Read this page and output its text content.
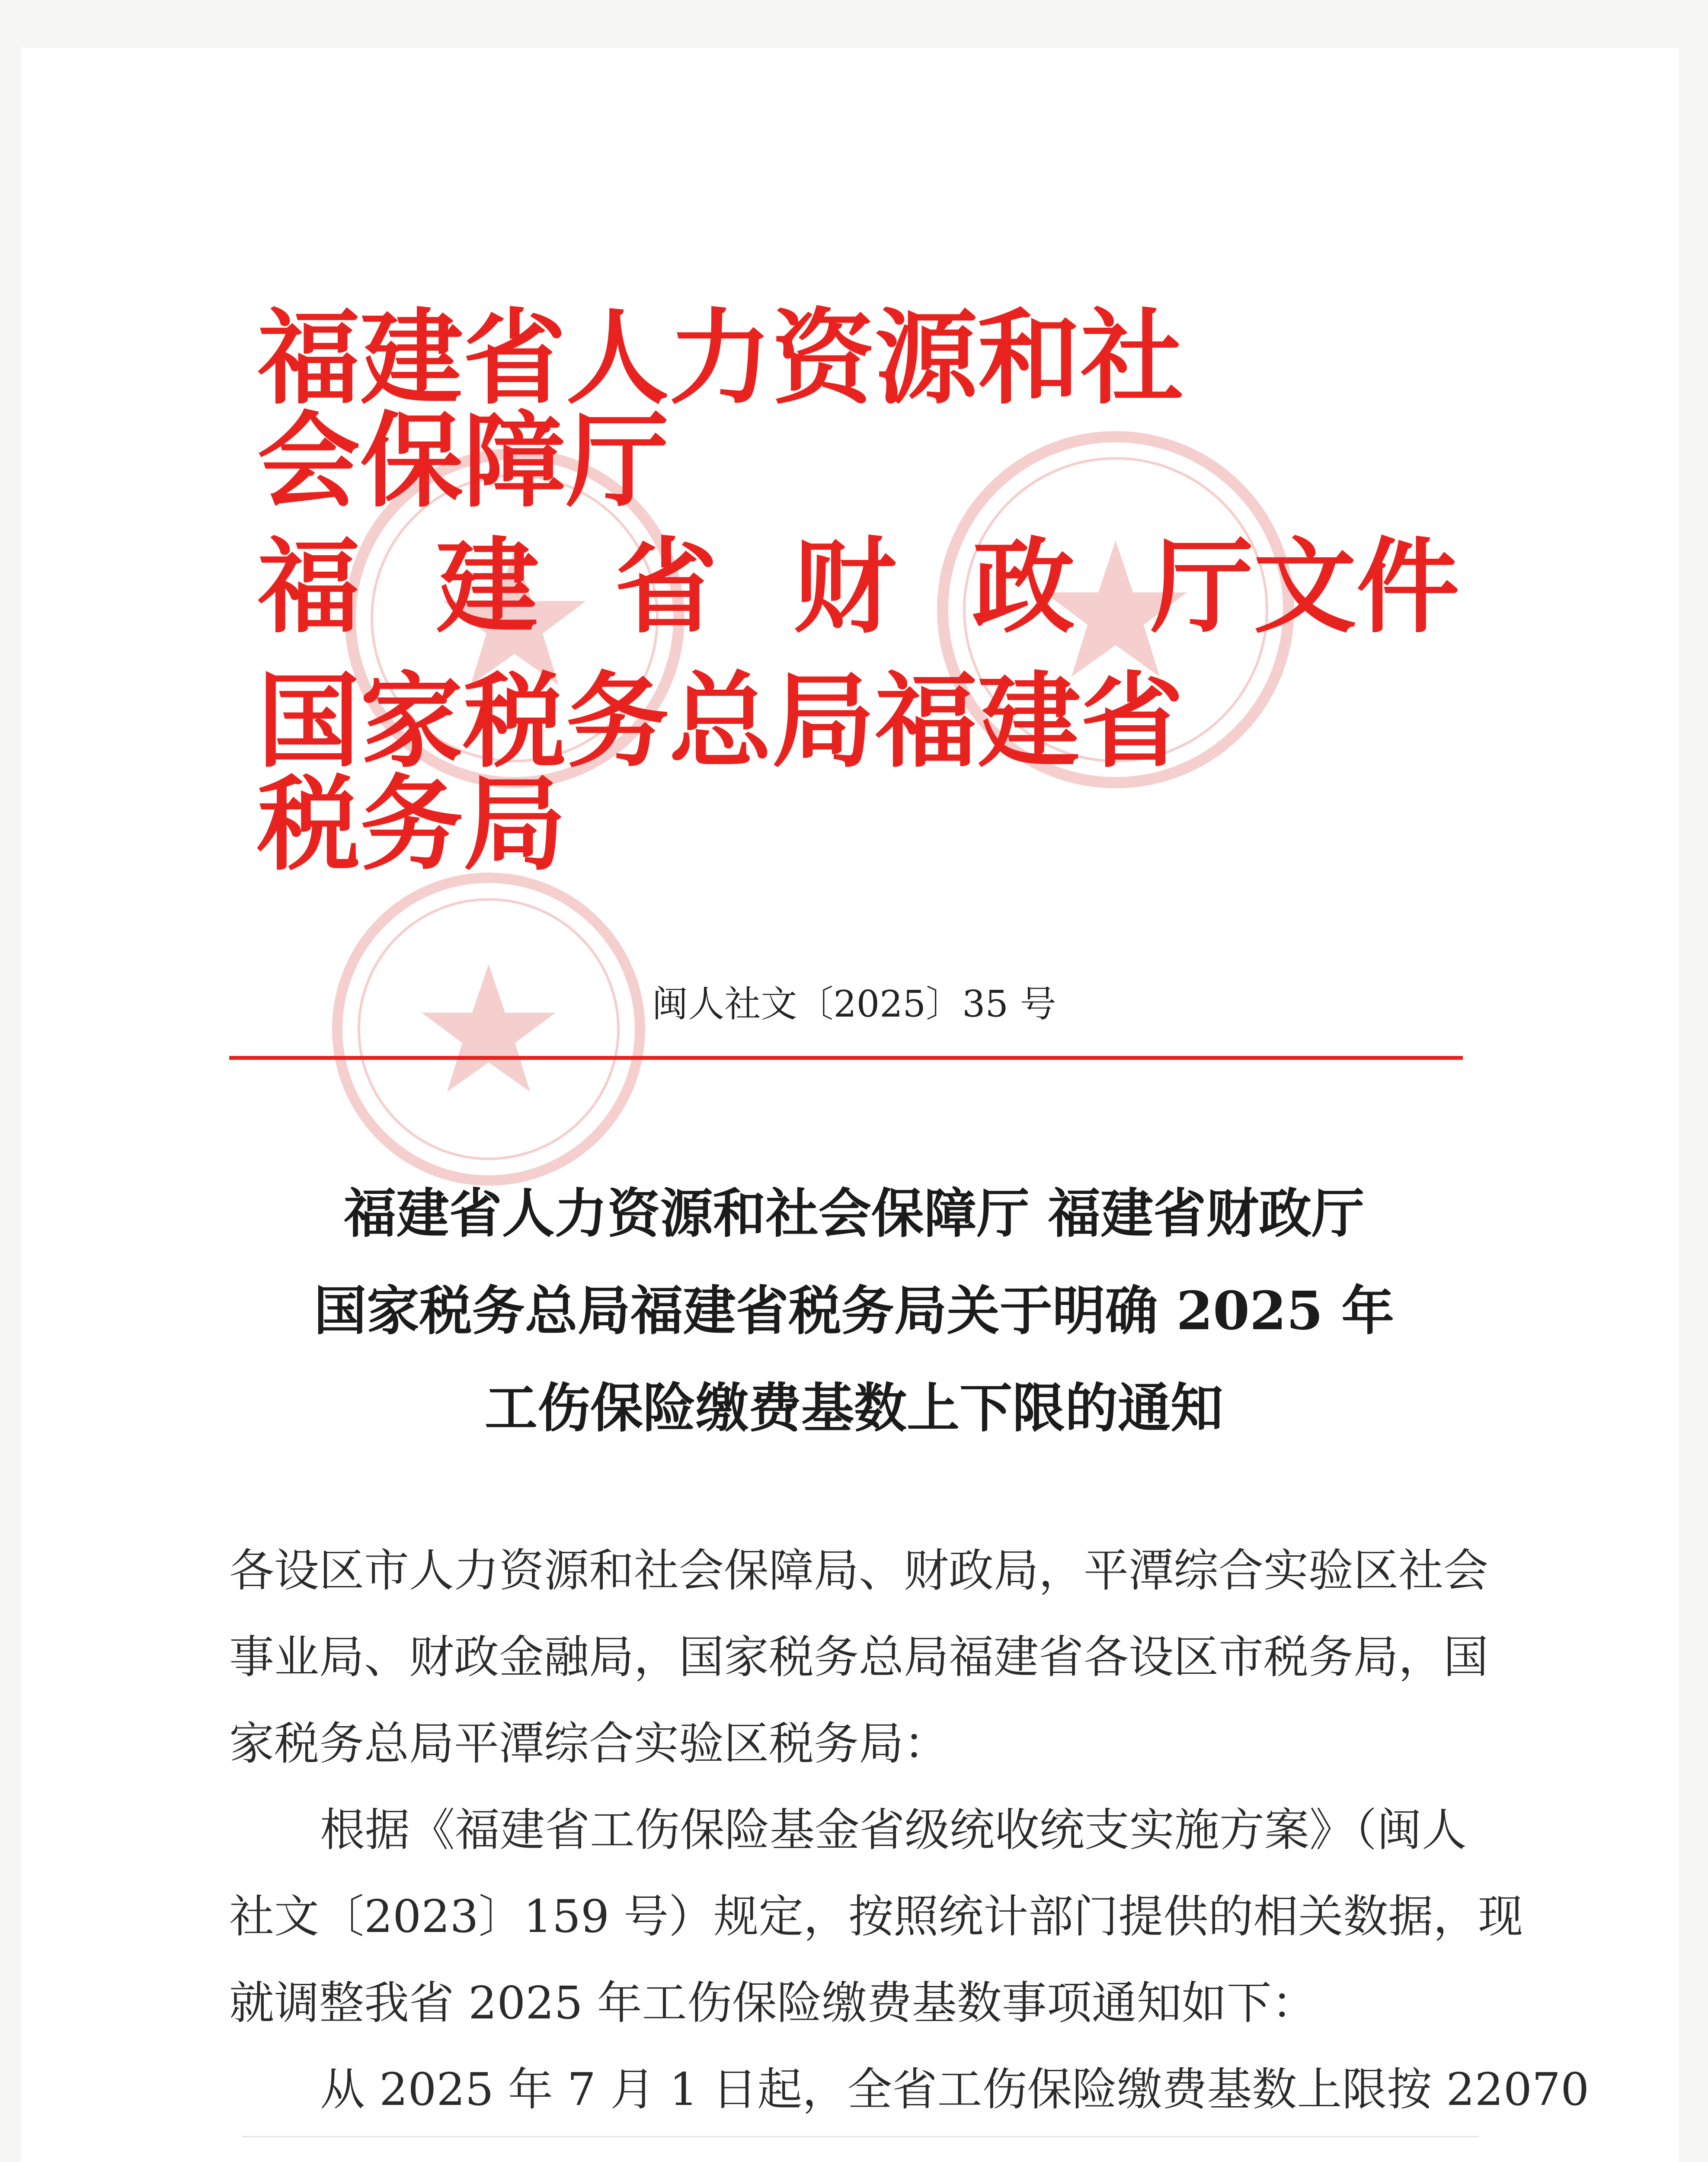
福建省人力资源和社会保障厅
福 建 省 财 政 厅文件
国家税务总局福建省税务局
闽人社文〔2025〕35 号
福建省人力资源和社会保障厅 福建省财政厅
国家税务总局福建省税务局关于明确 2025 年
工伤保险缴费基数上下限的通知
各设区市人力资源和社会保障局、财政局，平潭综合实验区社会
事业局、财政金融局，国家税务总局福建省各设区市税务局，国
家税务总局平潭综合实验区税务局：
根据《福建省工伤保险基金省级统收统支实施方案》（闽人
社文〔2023〕159 号）规定，按照统计部门提供的相关数据，现
就调整我省 2025 年工伤保险缴费基数事项通知如下：
从 2025 年 7 月 1 日起，全省工伤保险缴费基数上限按 22070
